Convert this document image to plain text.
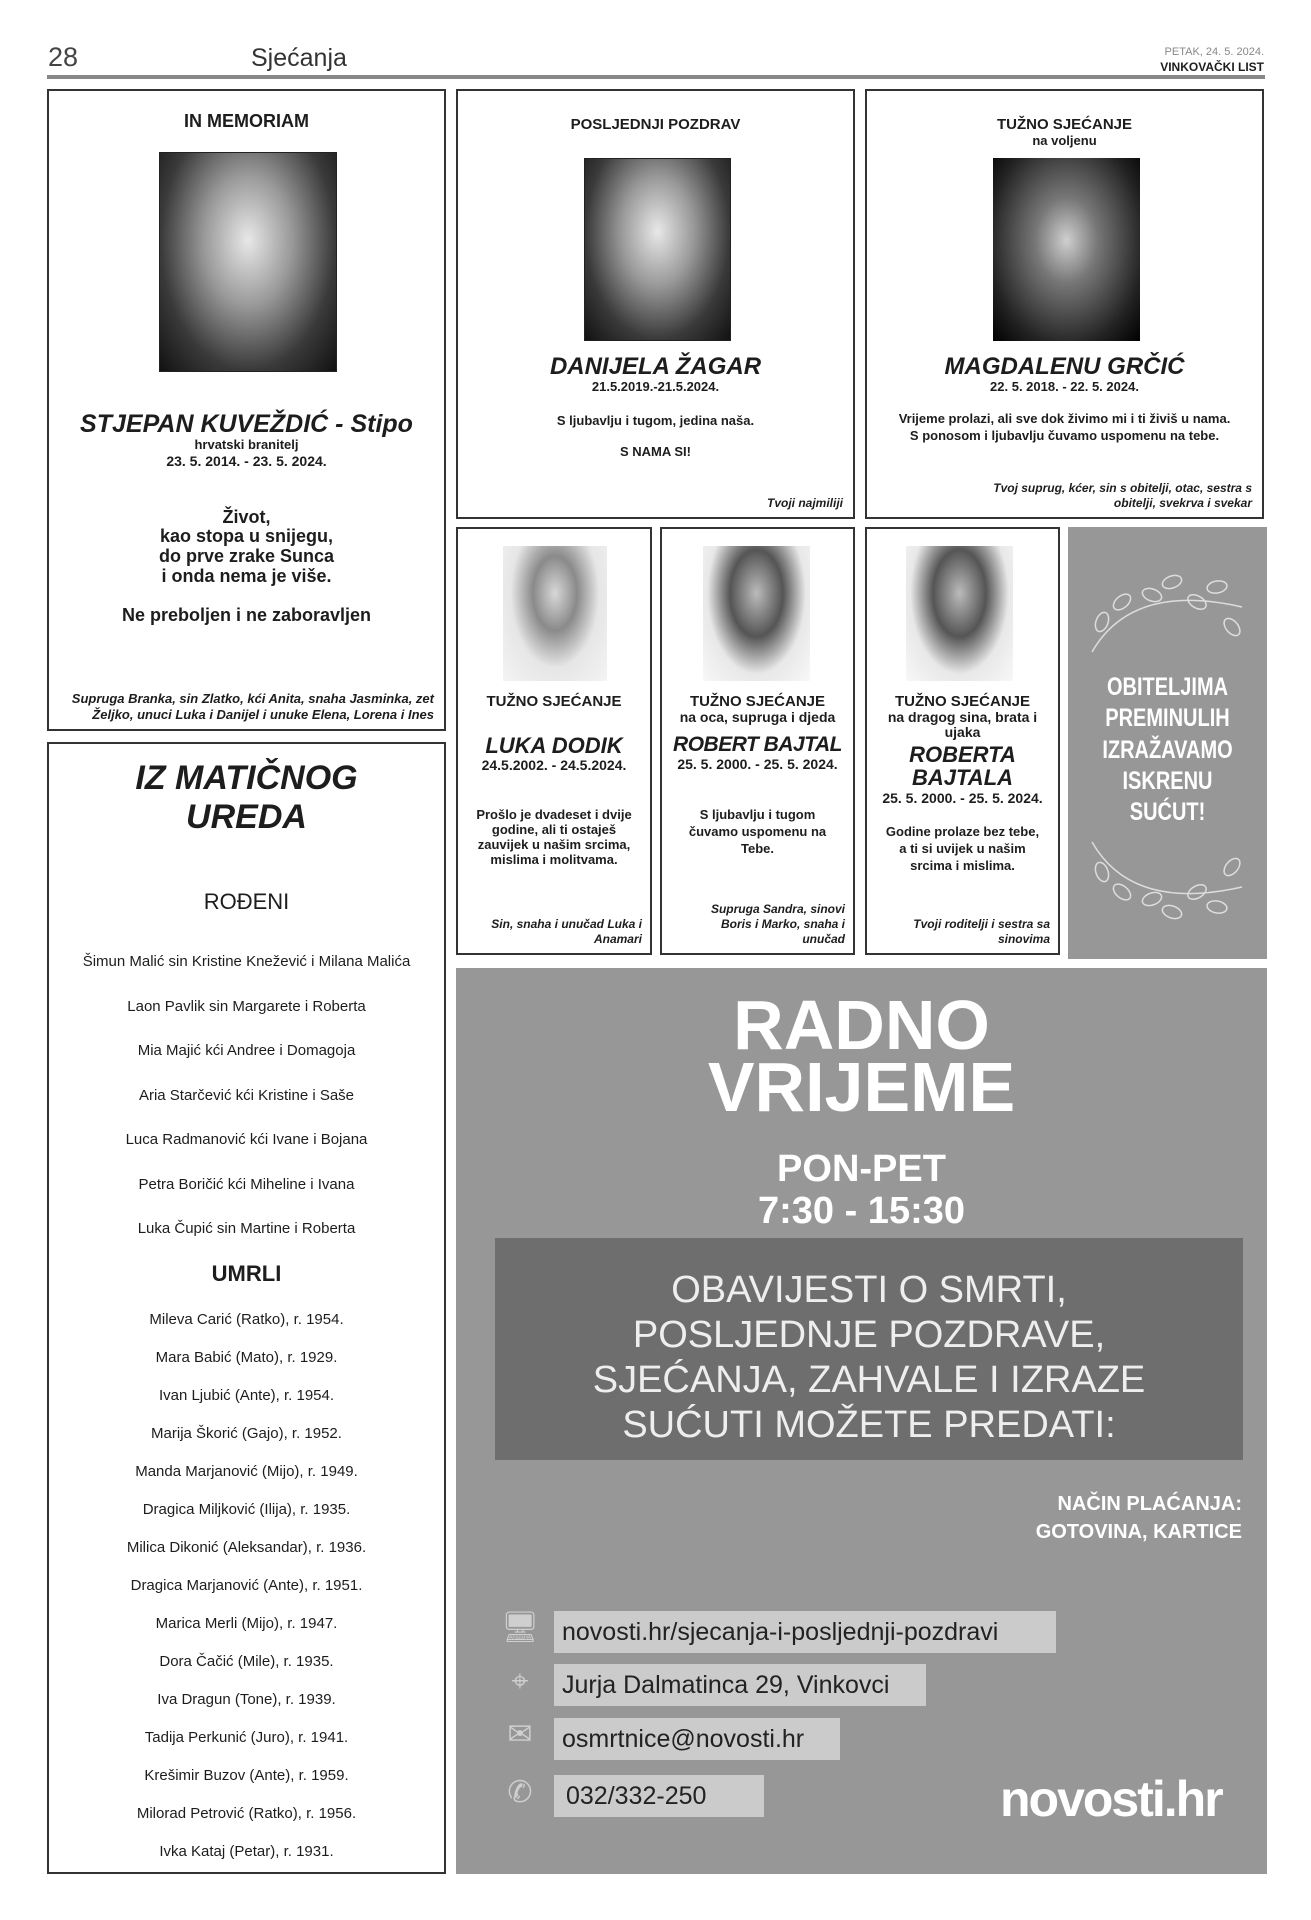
28	Sjećanja	PETAK, 24. 5. 2024.
VINKOVAČKI LIST
IN MEMORIAM
STJEPAN KUVEŽDIĆ - Stipo
hrvatski branitelj
23. 5. 2014. - 23. 5. 2024.
Život,
kao stopa u snijegu,
do prve zrake Sunca
i onda nema je više.
Ne preboljen i ne zaboravljen
Supruga Branka, sin Zlatko, kći Anita, snaha Jasminka, zet Željko, unuci Luka i Danijel i unuke Elena, Lorena i Ines
POSLJEDNJI POZDRAV
DANIJELA ŽAGAR
21.5.2019.-21.5.2024.
S ljubavlju i tugom, jedina naša.
S NAMA SI!
Tvoji najmiliji
TUŽNO SJEĆANJE
na voljenu
MAGDALENU GRČIĆ
22. 5. 2018. - 22. 5. 2024.
Vrijeme prolazi, ali sve dok živimo mi i ti živiš u nama.
S ponosom i ljubavlju čuvamo uspomenu na tebe.
Tvoj suprug, kćer, sin s obitelji, otac, sestra s obitelji, svekrva i svekar
TUŽNO SJEĆANJE
LUKA DODIK
24.5.2002. - 24.5.2024.
Prošlo je dvadeset i dvije godine, ali ti ostaješ zauvijek u našim srcima, mislima i molitvama.
Sin, snaha i unučad Luka i Anamari
TUŽNO SJEĆANJE
na oca, supruga i djeda
ROBERT BAJTAL
25. 5. 2000. - 25. 5. 2024.
S ljubavlju i tugom čuvamo uspomenu na Tebe.
Supruga Sandra, sinovi Boris i Marko, snaha i unučad
TUŽNO SJEĆANJE
na dragog sina, brata i ujaka
ROBERTA BAJTALA
25. 5. 2000. - 25. 5. 2024.
Godine prolaze bez tebe, a ti si uvijek u našim srcima i mislima.
Tvoji roditelji i sestra sa sinovima
OBITELJIMA
PREMINULIH
IZRAŽAVAMO
ISKRENU
SUĆUT!
IZ MATIČNOG UREDA
ROĐENI
Šimun Malić sin Kristine Knežević i Milana Malića
Laon Pavlik sin Margarete i Roberta
Mia Majić kći Andree i Domagoja
Aria Starčević kći Kristine i Saše
Luca Radmanović kći Ivane i Bojana
Petra Boričić kći Miheline i Ivana
Luka Čupić sin Martine i Roberta
UMRLI
Mileva Carić (Ratko), r. 1954.
Mara Babić (Mato), r. 1929.
Ivan Ljubić (Ante), r. 1954.
Marija Škorić (Gajo), r. 1952.
Manda Marjanović (Mijo), r. 1949.
Dragica Miljković (Ilija), r. 1935.
Milica Dikonić (Aleksandar), r. 1936.
Dragica Marjanović (Ante), r. 1951.
Marica Merli (Mijo), r. 1947.
Dora Čačić (Mile), r. 1935.
Iva Dragun (Tone), r. 1939.
Tadija Perkunić (Juro), r. 1941.
Krešimir Buzov (Ante), r. 1959.
Milorad Petrović (Ratko), r. 1956.
Ivka Kataj (Petar), r. 1931.
RADNO
VRIJEME
PON-PET
7:30 - 15:30
OBAVIJESTI O SMRTI,
POSLJEDNJE POZDRAVE,
SJEĆANJA, ZAHVALE I IZRAZE
SUĆUTI MOŽETE PREDATI:
NAČIN PLAĆANJA:
GOTOVINA, KARTICE
🖥 novosti.hr/sjecanja-i-posljednji-pozdravi
⌖	Jurja Dalmatinca 29, Vinkovci
✉	osmrtnice@novosti.hr
✆	032/332-250	novosti.hr
